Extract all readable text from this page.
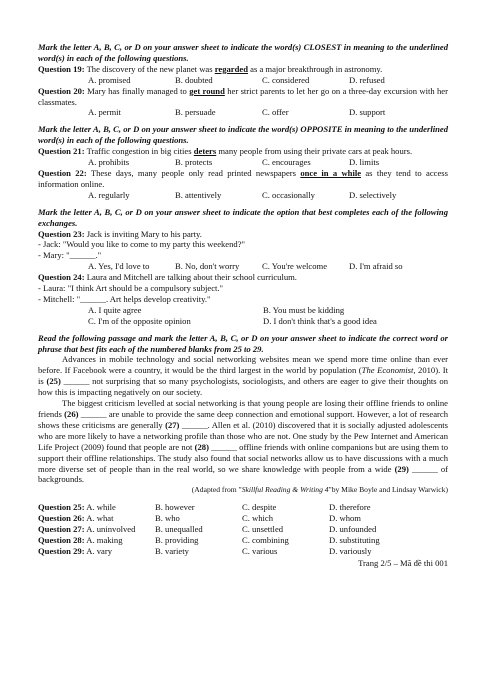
Mark the letter A, B, C, or D on your answer sheet to indicate the word(s) CLOSEST in meaning to the underlined word(s) in each of the following questions.
Question 19: The discovery of the new planet was regarded as a major breakthrough in astronomy.
A. promised	B. doubted	C. considered	D. refused
Question 20: Mary has finally managed to get round her strict parents to let her go on a three-day excursion with her classmates.
A. permit	B. persuade	C. offer	D. support
Mark the letter A, B, C, or D on your answer sheet to indicate the word(s) OPPOSITE in meaning to the underlined word(s) in each of the following questions.
Question 21: Traffic congestion in big cities deters many people from using their private cars at peak hours.
A. prohibits	B. protects	C. encourages	D. limits
Question 22: These days, many people only read printed newspapers once in a while as they tend to access information online.
A. regularly	B. attentively	C. occasionally	D. selectively
Mark the letter A, B, C, or D on your answer sheet to indicate the option that best completes each of the following exchanges.
Question 23: Jack is inviting Mary to his party.
- Jack: "Would you like to come to my party this weekend?"
- Mary: "______."
A. Yes, I'd love to	B. No, don't worry	C. You're welcome	D. I'm afraid so
Question 24: Laura and Mitchell are talking about their school curriculum.
- Laura: "I think Art should be a compulsory subject."
- Mitchell: "______. Art helps develop creativity."
A. I quite agree	B. You must be kidding
C. I'm of the opposite opinion	D. I don't think that's a good idea
Read the following passage and mark the letter A, B, C, or D on your answer sheet to indicate the correct word or phrase that best fits each of the numbered blanks from 25 to 29.
Advances in mobile technology and social networking websites mean we spend more time online than ever before. If Facebook were a country, it would be the third largest in the world by population (The Economist, 2010). It is (25) ______ not surprising that so many psychologists, sociologists, and others are eager to give their thoughts on how this is impacting negatively on our society.
The biggest criticism levelled at social networking is that young people are losing their offline friends to online friends (26) ______ are unable to provide the same deep connection and emotional support. However, a lot of research shows these criticisms are generally (27) ______. Allen et al. (2010) discovered that it is socially adjusted adolescents who are more likely to have a networking profile than those who are not. One study by the Pew Internet and American Life Project (2009) found that people are not (28) ______ offline friends with online companions but are using them to support their offline relationships. The study also found that social networks allow us to have discussions with a much more diverse set of people than in the real world, so we share knowledge with people from a wide (29) ______ of backgrounds.
(Adapted from "Skillful Reading & Writing 4"by Mike Boyle and Lindsay Warwick)
Question 25: A. while	B. however	C. despite	D. therefore
Question 26: A. what	B. who	C. which	D. whom
Question 27: A. uninvolved	B. unequalled	C. unsettled	D. unfounded
Question 28: A. making	B. providing	C. combining	D. substituting
Question 29: A. vary	B. variety	C. various	D. variously
Trang 2/5 – Mã đề thi 001
